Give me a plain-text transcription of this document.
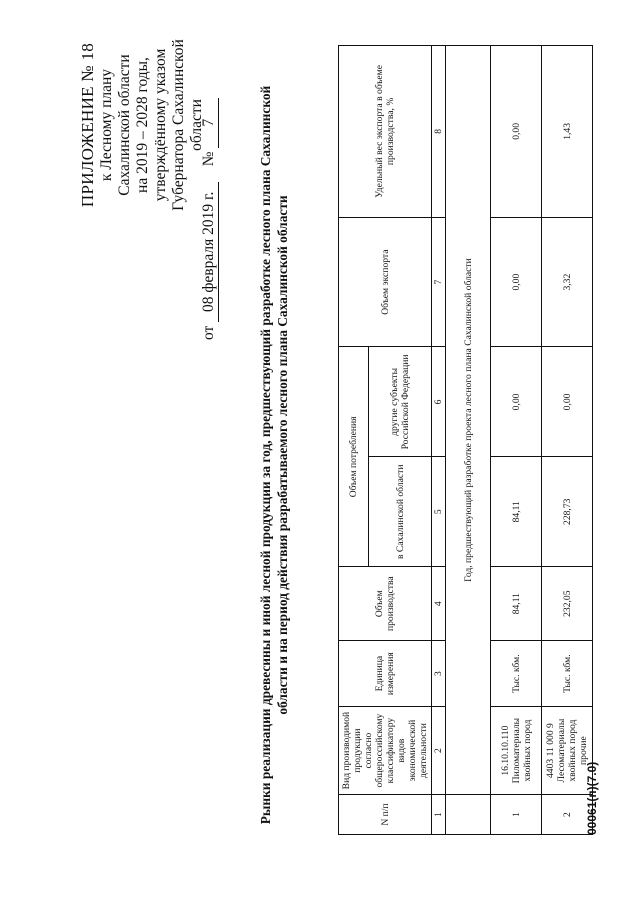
ПРИЛОЖЕНИЕ № 18 к Лесному плану Сахалинской области на 2019 – 2028 годы, утверждённому указом Губернатора Сахалинской области
от 08 февраля 2019 г.    № 7	Рынки реализации древесины и иной лесной продукции за год, предшествующий разработке лесного плана Сахалинской области и на период действия разрабатываемого лесного плана Сахалинской области
N п/п	Вид производимой продукции согласно общероссийскому классификатору видов экономической деятельности	Единица измерения	Объем производства	Объем потребления		Объем экспорта	Удельный вес экспорта в объеме производства, %
				в Сахалинской области	другие субъекты Российской Федерации		
1	2	3	4	5	6	7	8
	Год, предшествующий разработке проекта лесного плана Сахалинской области						
1	16.10.10.110 Пиломатериалы хвойных пород	Тыс. кбм.	84,11	84,11	0,00	0,00	0,00
2	4403 11 000 9 Лесоматериалы хвойных пород прочие	Тыс. кбм.	232,05	228,73	0,00	3,32	1,43
00061(п)(7.0)
